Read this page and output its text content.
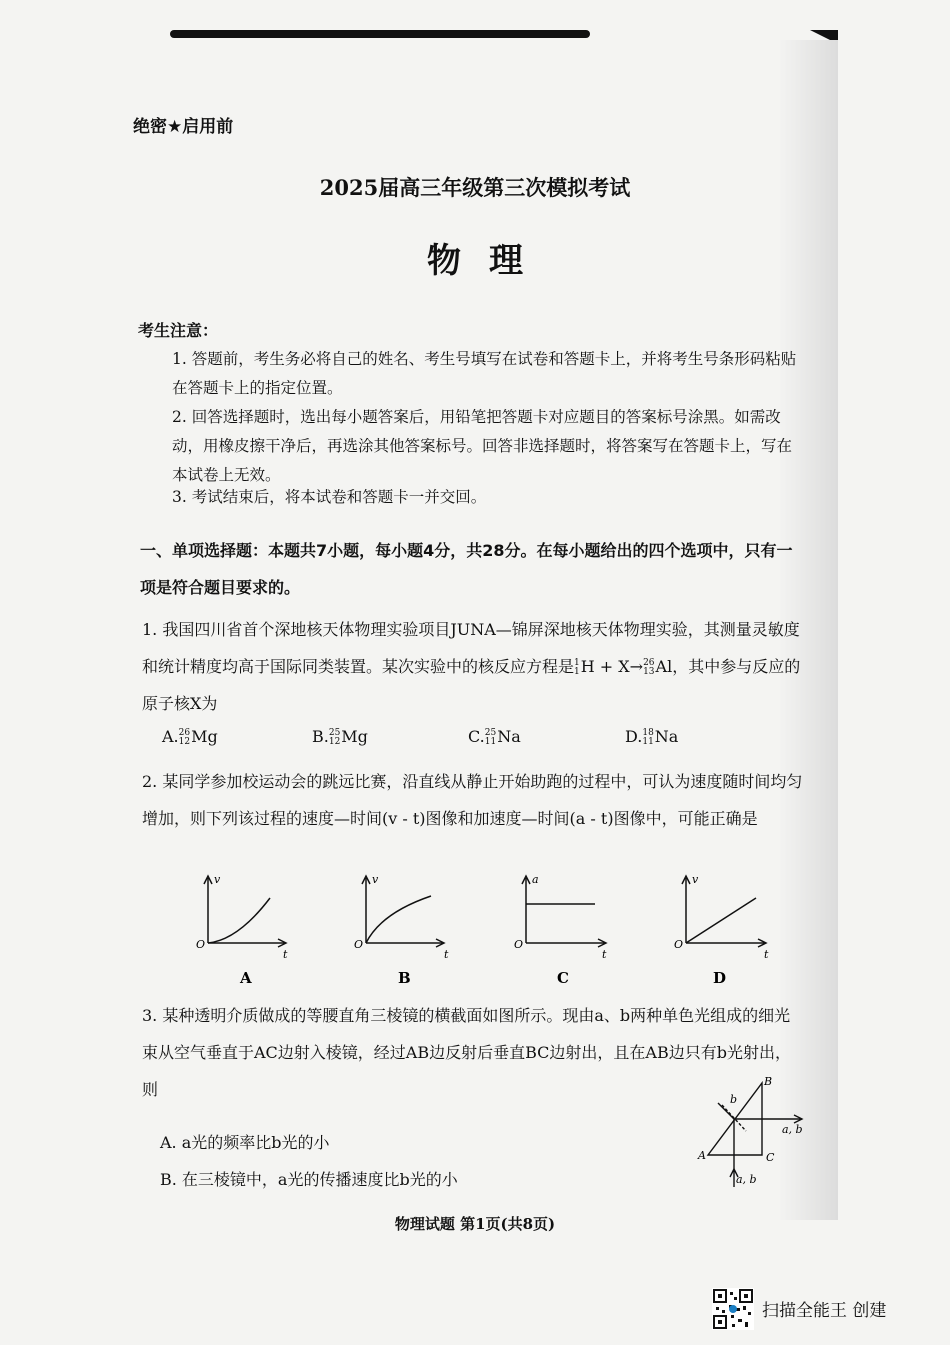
绝密★启用前
2025届高三年级第三次模拟考试
物理
考生注意：
1. 答题前，考生务必将自己的姓名、考生号填写在试卷和答题卡上，并将考生号条形码粘贴在答题卡上的指定位置。
2. 回答选择题时，选出每小题答案后，用铅笔把答题卡对应题目的答案标号涂黑。如需改动，用橡皮擦干净后，再选涂其他答案标号。回答非选择题时，将答案写在答题卡上，写在本试卷上无效。
3. 考试结束后，将本试卷和答题卡一并交回。
一、单项选择题：本题共7小题，每小题4分，共28分。在每小题给出的四个选项中，只有一项是符合题目要求的。
1. 我国四川省首个深地核天体物理实验项目JUNA—锦屏深地核天体物理实验，其测量灵敏度和统计精度均高于国际同类装置。某次实验中的核反应方程是1
1H + X→26
13Al，其中参与反应的原子核X为
A.26
12Mg	B.25
12Mg	C.25
11Na	D.18
11Na
2. 某同学参加校运动会的跳远比赛，沿直线从静止开始助跑的过程中，可认为速度随时间均匀增加，则下列该过程的速度—时间(v - t)图像和加速度—时间(a - t)图像中，可能正确是
v
t
O
A
v
t
O
B
a
t
O
C
v
t
O
D
3. 某种透明介质做成的等腰直角三棱镜的横截面如图所示。现由a、b两种单色光组成的细光束从空气垂直于AC边射入棱镜，经过AB边反射后垂直BC边射出，且在AB边只有b光射出，则
A. a光的频率比b光的小
B. 在三棱镜中，a光的传播速度比b光的小
A
B
C
b
a, b
a, b
物理试题 第1页(共8页)
扫描全能王 创建
